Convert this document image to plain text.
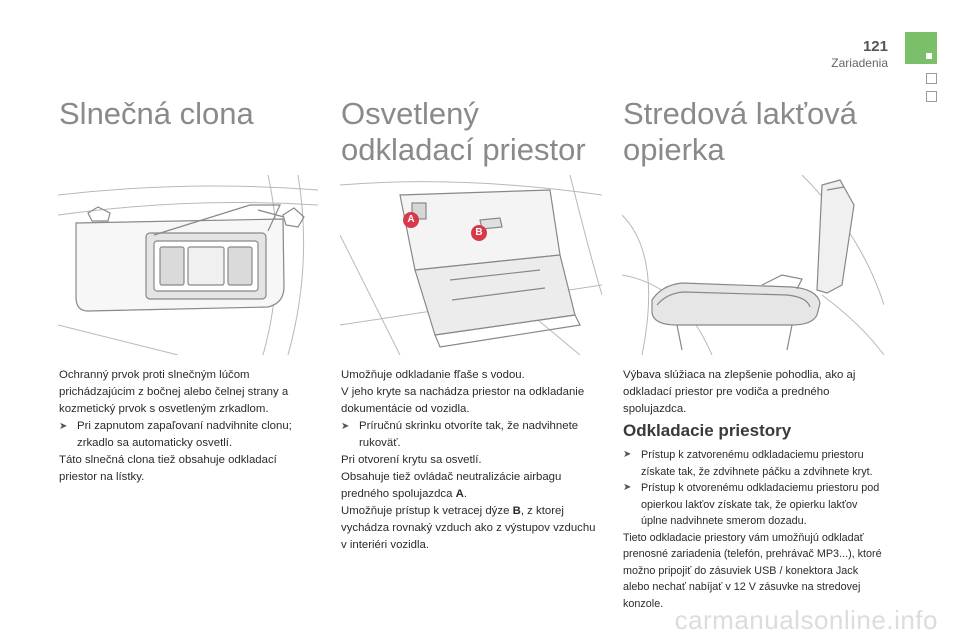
121
Zariadenia
Slnečná clona

Ochranný prvok proti slnečným lúčom prichádzajúcim z bočnej alebo čelnej strany a kozmetický prvok s osvetleným zrkadlom.

➤ Pri zapnutom zapaľovaní nadvihnite clonu; zrkadlo sa automaticky osvetlí.

Táto slnečná clona tiež obsahuje odkladací priestor na lístky.

Osvetlený odkladací priestor
A
B

Umožňuje odkladanie fľaše s vodou.

V jeho kryte sa nachádza priestor na odkladanie dokumentácie od vozidla.

➤ Príručnú skrinku otvoríte tak, že nadvihnete rukoväť.

Pri otvorení krytu sa osvetlí.

Obsahuje tiež ovládač neutralizácie airbagu predného spolujazdca A.

Umožňuje prístup k vetracej dýze B, z ktorej vychádza rovnaký vzduch ako z výstupov vzduchu v interiéri vozidla.

Stredová lakťová opierka

Výbava slúžiaca na zlepšenie pohodlia, ako aj odkladací priestor pre vodiča a predného spolujazdca.

Odkladacie priestory
➤ Prístup k zatvorenému odkladaciemu priestoru získate tak, že zdvihnete páčku a zdvihnete kryt.
➤ Prístup k otvorenému odkladaciemu priestoru pod opierkou lakťov získate tak, že opierku lakťov úplne nadvihnete smerom dozadu.

Tieto odkladacie priestory vám umožňujú odkladať prenosné zariadenia (telefón, prehrávač MP3...), ktoré možno pripojiť do zásuviek USB / konektora Jack alebo nechať nabíjať v 12 V zásuvke na stredovej konzole.

carmanualsonline.info
